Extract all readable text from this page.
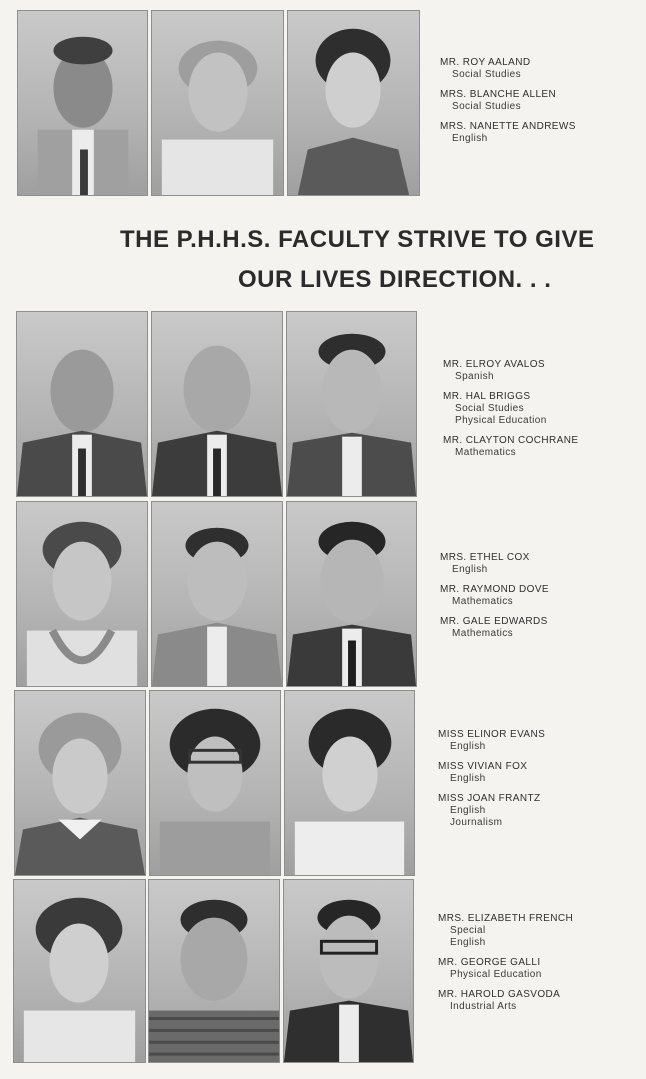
MR. ROY AALAND
Social Studies
MRS. BLANCHE ALLEN
Social Studies
MRS. NANETTE ANDREWS
English
THE P.H.H.S. FACULTY STRIVE TO GIVE
OUR LIVES DIRECTION. . .
MR. ELROY AVALOS
Spanish
MR. HAL BRIGGS
Social Studies
Physical Education
MR. CLAYTON COCHRANE
Mathematics
MRS. ETHEL COX
English
MR. RAYMOND DOVE
Mathematics
MR. GALE EDWARDS
Mathematics
MISS ELINOR EVANS
English
MISS VIVIAN FOX
English
MISS JOAN FRANTZ
English
Journalism
MRS. ELIZABETH FRENCH
Special
English
MR. GEORGE GALLI
Physical Education
MR. HAROLD GASVODA
Industrial Arts
